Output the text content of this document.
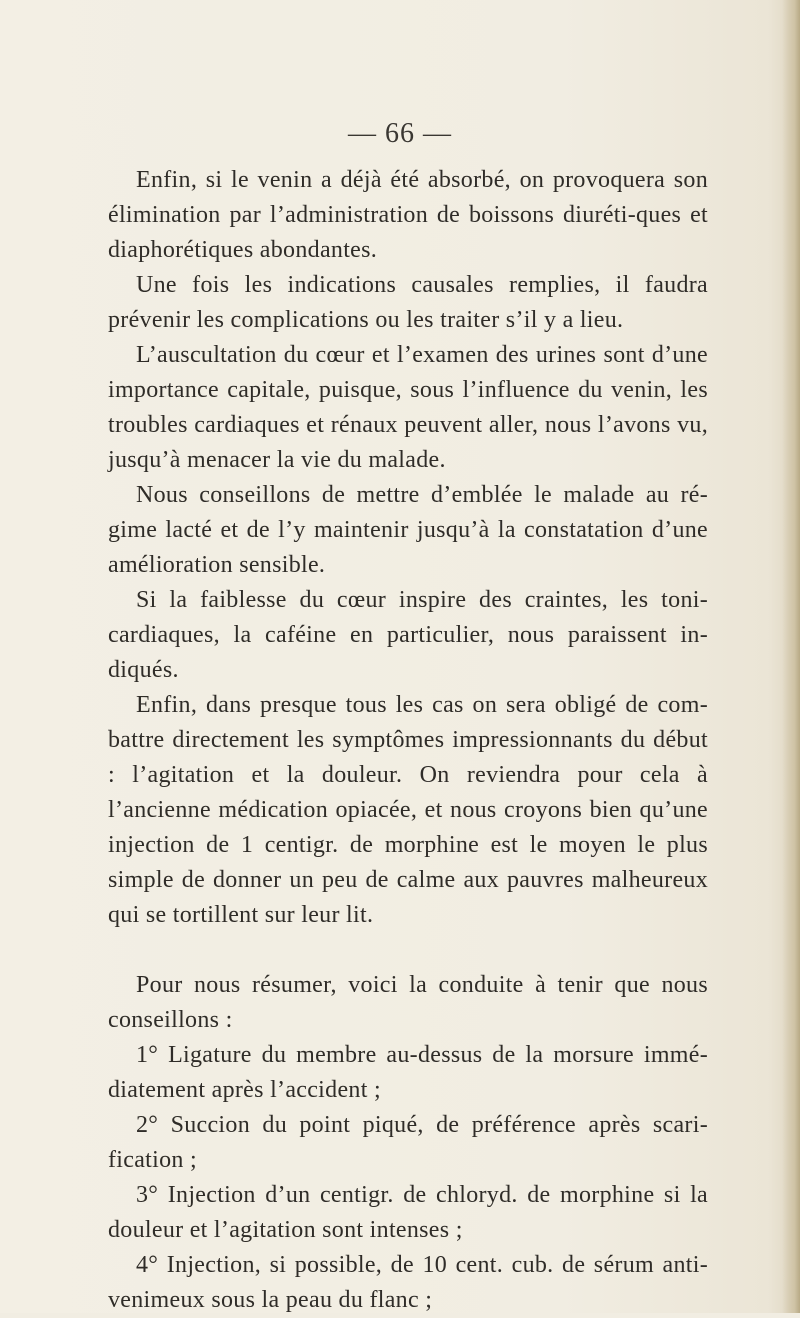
— 66 —

Enfin, si le venin a déjà été absorbé, on provoquera son élimination par l’administration de boissons diuréti-ques et diaphorétiques abondantes.

Une fois les indications causales remplies, il faudra prévenir les complications ou les traiter s’il y a lieu.

L’auscultation du cœur et l’examen des urines sont d’une importance capitale, puisque, sous l’influence du venin, les troubles cardiaques et rénaux peuvent aller, nous l’avons vu, jusqu’à menacer la vie du malade.

Nous conseillons de mettre d’emblée le malade au ré-gime lacté et de l’y maintenir jusqu’à la constatation d’une amélioration sensible.

Si la faiblesse du cœur inspire des craintes, les toni-cardiaques, la caféine en particulier, nous paraissent in-diqués.

Enfin, dans presque tous les cas on sera obligé de com-battre directement les symptômes impressionnants du début : l’agitation et la douleur. On reviendra pour cela à l’ancienne médication opiacée, et nous croyons bien qu’une injection de 1 centigr. de morphine est le moyen le plus simple de donner un peu de calme aux pauvres malheureux qui se tortillent sur leur lit.

Pour nous résumer, voici la conduite à tenir que nous conseillons :

1° Ligature du membre au-dessus de la morsure immé-diatement après l’accident ;

2° Succion du point piqué, de préférence après scari-fication ;

3° Injection d’un centigr. de chloryd. de morphine si la douleur et l’agitation sont intenses ;

4° Injection, si possible, de 10 cent. cub. de sérum anti-venimeux sous la peau du flanc ;
